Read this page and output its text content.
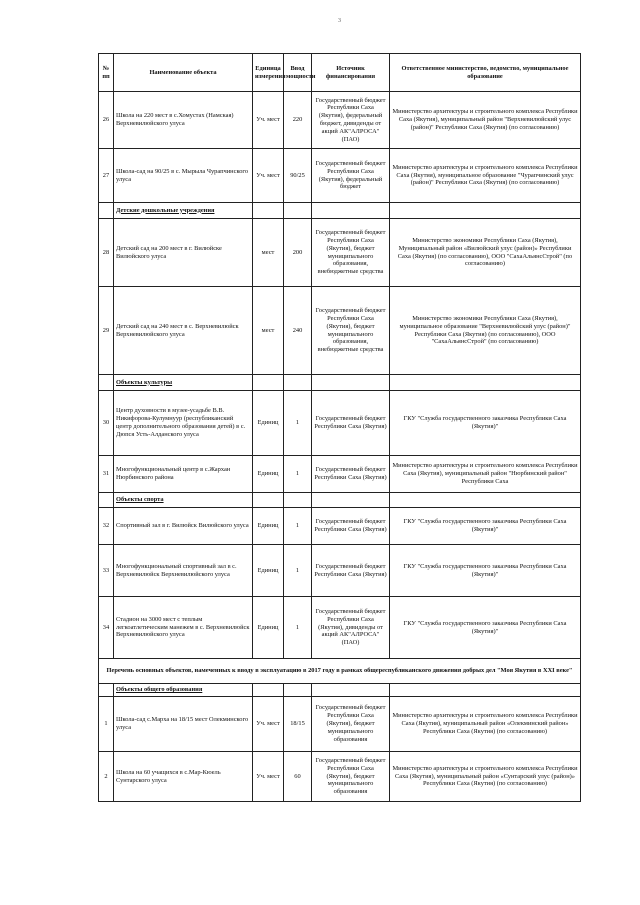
3
№ пп	Наименование объекта	Единица измерения	Ввод мощности	Источник финансирования	Ответственное министерство, ведомство, муниципальное образование
26	Школа на 220 мест в с.Хомустах (Намская) Верхневилюйского улуса	Уч. мест	220	Государственный бюджет Республики Саха (Якутия), федеральный бюджет, дивиденды от акций АК"АЛРОСА" (ПАО)	Министерство архитектуры и строительного комплекса Республики Саха (Якутия), муниципальный район "Верхневилюйский улус (район)" Республики Саха (Якутия) (по согласованию)
27	Школа-сад на 90/25 в с. Мырыла Чурапчинского улуса	Уч. мест	90/25	Государственный бюджет Республики Саха (Якутия), федеральный бюджет	Министерство архитектуры и строительного комплекса Республики Саха (Якутия), муниципальное образование "Чурапчинский улус (район)" Республики Саха (Якутия) (по согласованию)
	Детские дошкольные учреждения				
28	Детский сад на 200 мест в г. Вилюйске Вилюйского улуса	мест	200	Государственный бюджет Республики Саха (Якутия), бюджет муниципального образования, внебюджетные средства	Министерство экономики Республики Саха (Якутия), Муниципальный район «Вилюйский улус (район)» Республики Саха (Якутия) (по согласованию), ООО "СахаАльянсСтрой" (по согласованию)
29	Детский сад на 240 мест в с. Верхневилюйск Верхневилюйского улуса	мест	240	Государственный бюджет Республики Саха (Якутия), бюджет муниципального образования, внебюджетные средства	Министерство экономики Республики Саха (Якутия), муниципальное образование "Верхневилюйский улус (район)" Республики Саха (Якутия) (по согласованию), ООО "СахаАльянсСтрой" (по согласованию)
	Объекты культуры				
30	Центр духовности в музее-усадьбе В.В. Никифорова-Кулумнуур (республиканский центр дополнительного образования детей) в с. Дюпся Усть-Алданского улуса	Единиц	1	Государственный бюджет Республики Саха (Якутия)	ГКУ "Служба государственного заказчика Республики Саха (Якутия)"
31	Многофункциональный центр в с.Жархан Нюрбинского района	Единиц	1	Государственный бюджет Республики Саха (Якутия)	Министерство архитектуры и строительного комплекса Республики Саха (Якутия), муниципальный район "Нюрбинский район" Республики Саха
	Объекты спорта				
32	Спортивный зал в г. Вилюйск Вилюйского улуса	Единиц	1	Государственный бюджет Республики Саха (Якутия)	ГКУ "Служба государственного заказчика Республики Саха (Якутия)"
33	Многофункциональный спортивный зал в с. Верхневилюйск Верхневилюйского улуса	Единиц	1	Государственный бюджет Республики Саха (Якутия)	ГКУ "Служба государственного заказчика Республики Саха (Якутия)"
34	Стадион на 3000 мест с теплым легкоатлетическим манежем в с. Верхневилюйск Верхневилюйского улуса	Единиц	1	Государственный бюджет Республики Саха (Якутия), дивиденды от акций АК"АЛРОСА" (ПАО)	ГКУ "Служба государственного заказчика Республики Саха (Якутия)"
Перечень основных объектов, намеченных к вводу в эксплуатацию в 2017 году в рамках общереспубликанского движения добрых дел "Моя Якутия в XXI веке"					
	Объекты общего образования				
1	Школа-сад с.Марха на 18/15 мест Олекминского улуса	Уч. мест	18/15	Государственный бюджет Республики Саха (Якутия), бюджет муниципального образования	Министерство архитектуры и строительного комплекса Республики Саха (Якутия), муниципальный район «Олекминский район» Республики Саха (Якутия) (по согласованию)
2	Школа на 60 учащихся в с.Мар-Кюель Сунтарского улуса	Уч. мест	60	Государственный бюджет Республики Саха (Якутия), бюджет муниципального образования	Министерство архитектуры и строительного комплекса Республики Саха (Якутия), муниципальный район «Сунтарский улус (район)» Республики Саха (Якутия) (по согласованию)
